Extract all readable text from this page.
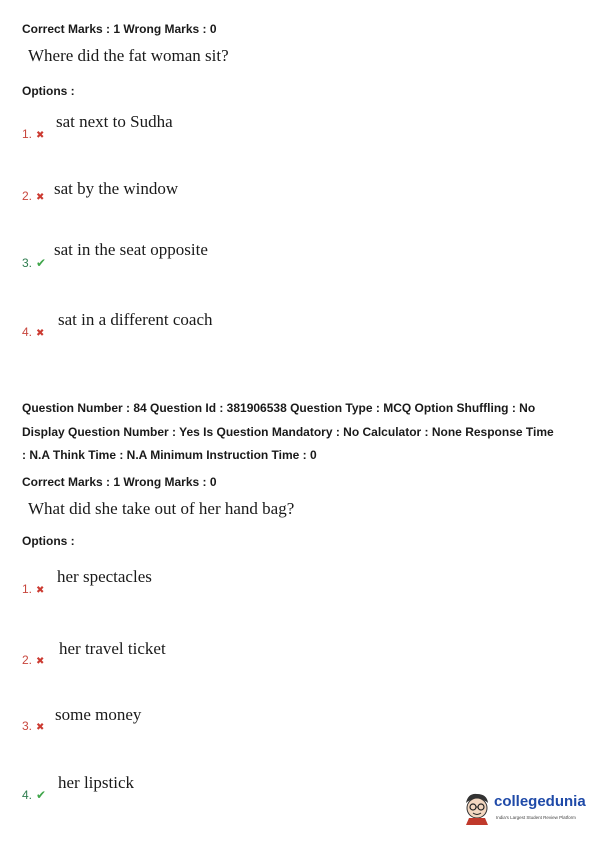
Correct Marks : 1 Wrong Marks : 0
Where did the fat woman sit?
Options :
1. ✖
sat next to Sudha
2. ✖ sat by the window
3. ✔
sat in the seat opposite
4. ✖
sat in a different coach
Question Number : 84 Question Id : 381906538 Question Type : MCQ Option Shuffling : No
Display Question Number : Yes Is Question Mandatory : No Calculator : None Response Time
: N.A Think Time : N.A Minimum Instruction Time : 0
Correct Marks : 1 Wrong Marks : 0
What did she take out of her hand bag?
Options :
1. ✖
her spectacles
2. ✖
her travel ticket
3. ✖
some money
4. ✔
her lipstick
collegedunia
India's Largest Student Review Platform
